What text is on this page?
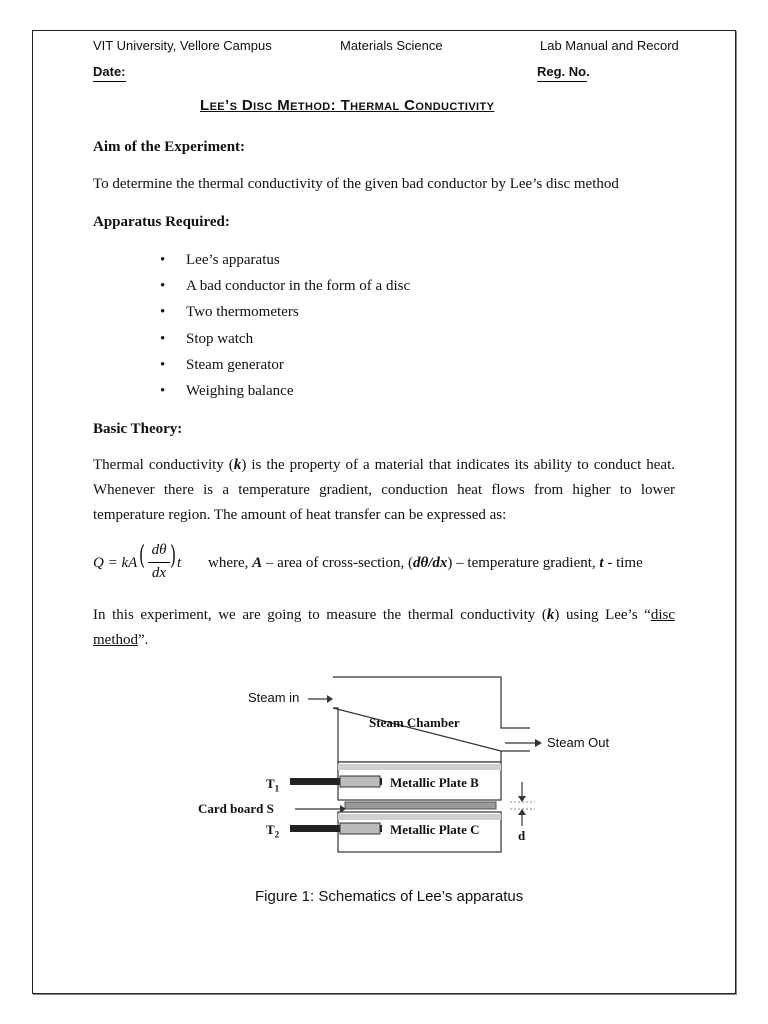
VIT University, Vellore Campus	Materials Science	Lab Manual and Record
Date:	Reg. No.
Lee’s Disc Method: Thermal Conductivity
Aim of the Experiment:
To determine the thermal conductivity of the given bad conductor by Lee’s disc method
Apparatus Required:
• Lee’s apparatus
• A bad conductor in the form of a disc
• Two thermometers
• Stop watch
• Steam generator
• Weighing balance
Basic Theory:
Thermal conductivity (k) is the property of a material that indicates its ability to conduct heat. Whenever there is a temperature gradient, conduction heat flows from higher to lower temperature region. The amount of heat transfer can be expressed as:
Q = kA ( dθ
dx
) t where, A – area of cross-section, (dθ/dx) – temperature gradient, t - time
In this experiment, we are going to measure the thermal conductivity (k) using Lee’s “disc method”.
Steam in
Steam Chamber
Steam Out
$T_1$	Metallic Plate B
Card board S
$T_2$	Metallic Plate C	d
Figure 1: Schematics of Lee’s apparatus
